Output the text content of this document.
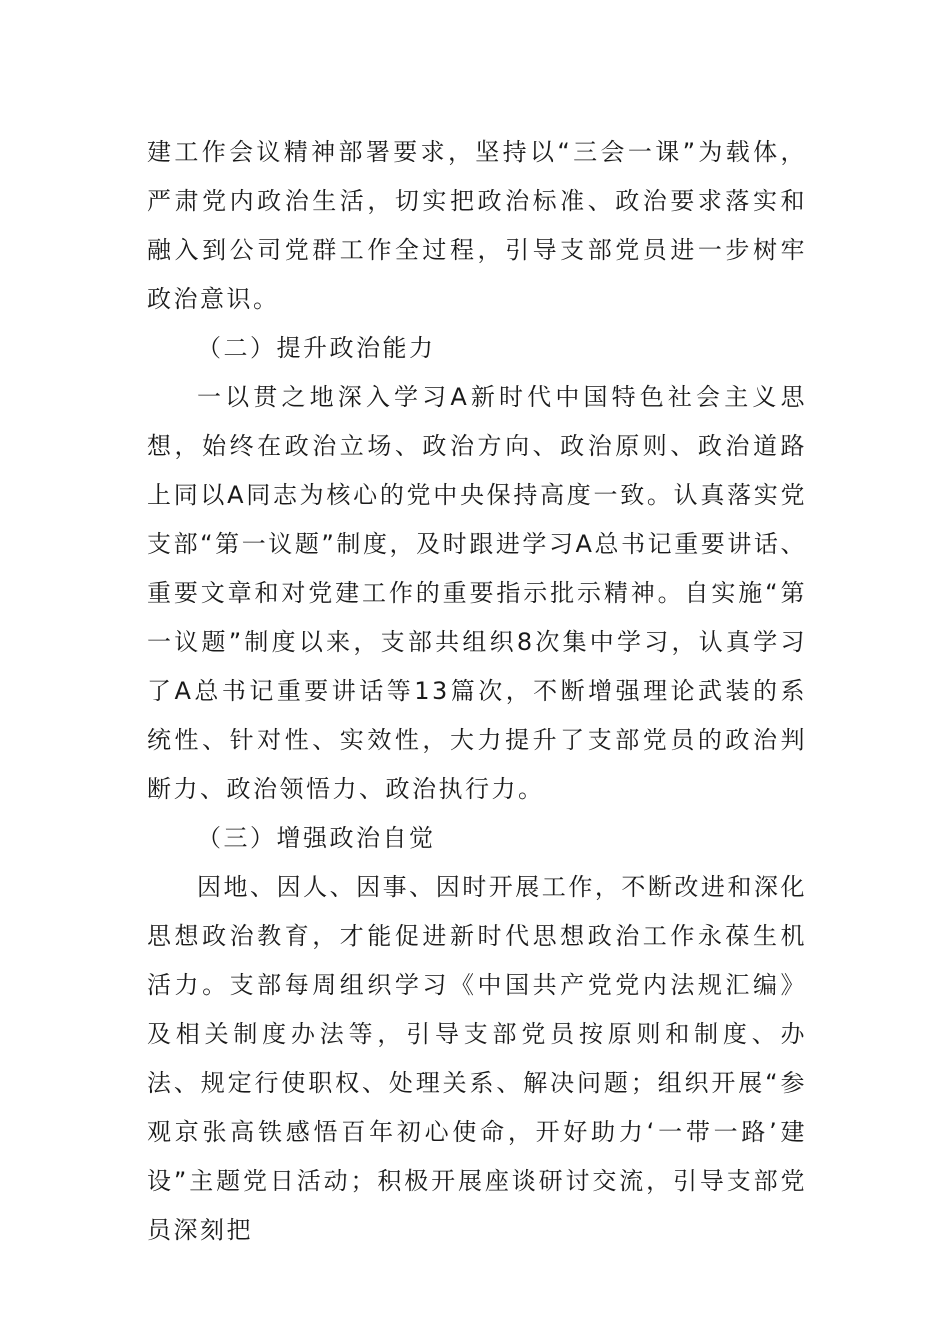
建工作会议精神部署要求，坚持以“三会一课”为载体，严肃党内政治生活，切实把政治标准、政治要求落实和融入到公司党群工作全过程，引导支部党员进一步树牢政治意识。

（二）提升政治能力

一以贯之地深入学习A新时代中国特色社会主义思想，始终在政治立场、政治方向、政治原则、政治道路上同以A同志为核心的党中央保持高度一致。认真落实党支部“第一议题”制度，及时跟进学习A总书记重要讲话、重要文章和对党建工作的重要指示批示精神。自实施“第一议题”制度以来，支部共组织8次集中学习，认真学习了A总书记重要讲话等13篇次，不断增强理论武装的系统性、针对性、实效性，大力提升了支部党员的政治判断力、政治领悟力、政治执行力。

（三）增强政治自觉

因地、因人、因事、因时开展工作，不断改进和深化思想政治教育，才能促进新时代思想政治工作永葆生机活力。支部每周组织学习《中国共产党党内法规汇编》及相关制度办法等，引导支部党员按原则和制度、办法、规定行使职权、处理关系、解决问题；组织开展“参观京张高铁感悟百年初心使命，开好助力‘一带一路’建设”主题党日活动；积极开展座谈研讨交流，引导支部党员深刻把
